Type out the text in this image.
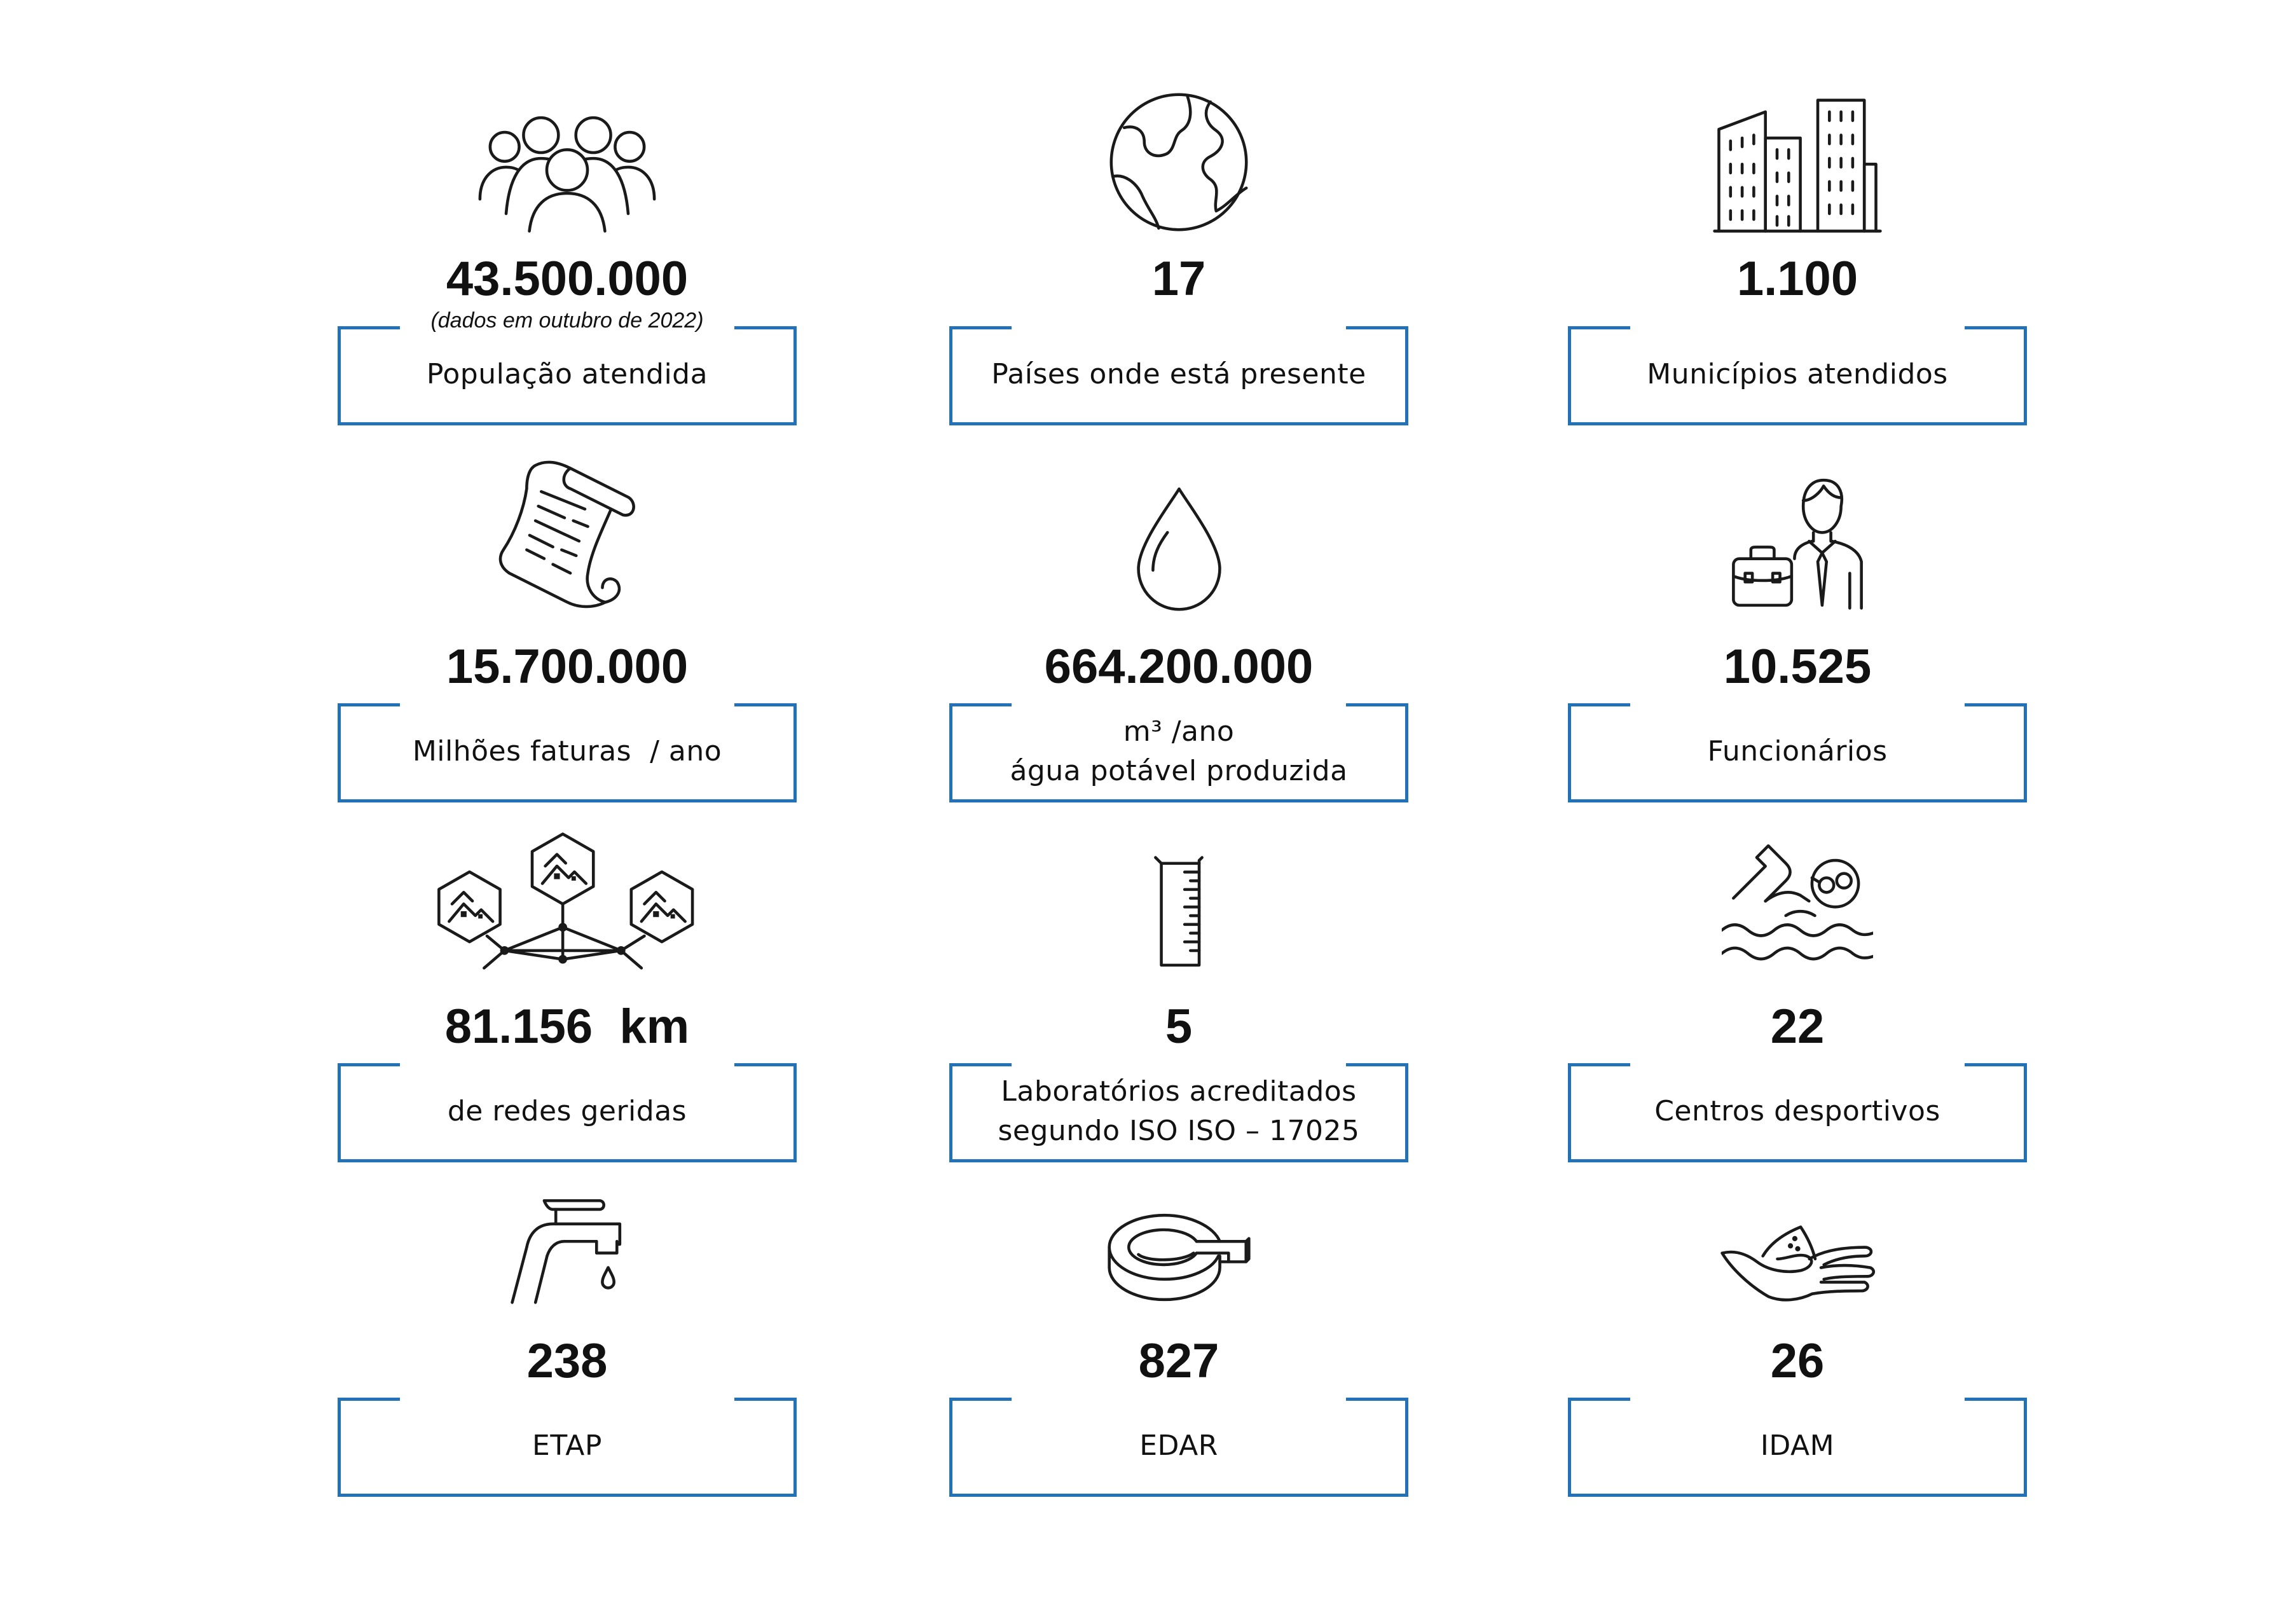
43.500.000
(dados em outubro de 2022)
População atendida
17
Países onde está presente
1.100
Municípios atendidos
15.700.000
Milhões faturas  / ano
664.200.000
m³ /ano
água potável produzida
10.525
Funcionários
81.156  km
de redes geridas
5
Laboratórios acreditados
segundo ISO ISO – 17025
22
Centros desportivos
238
ETAP
827
EDAR
26
IDAM
